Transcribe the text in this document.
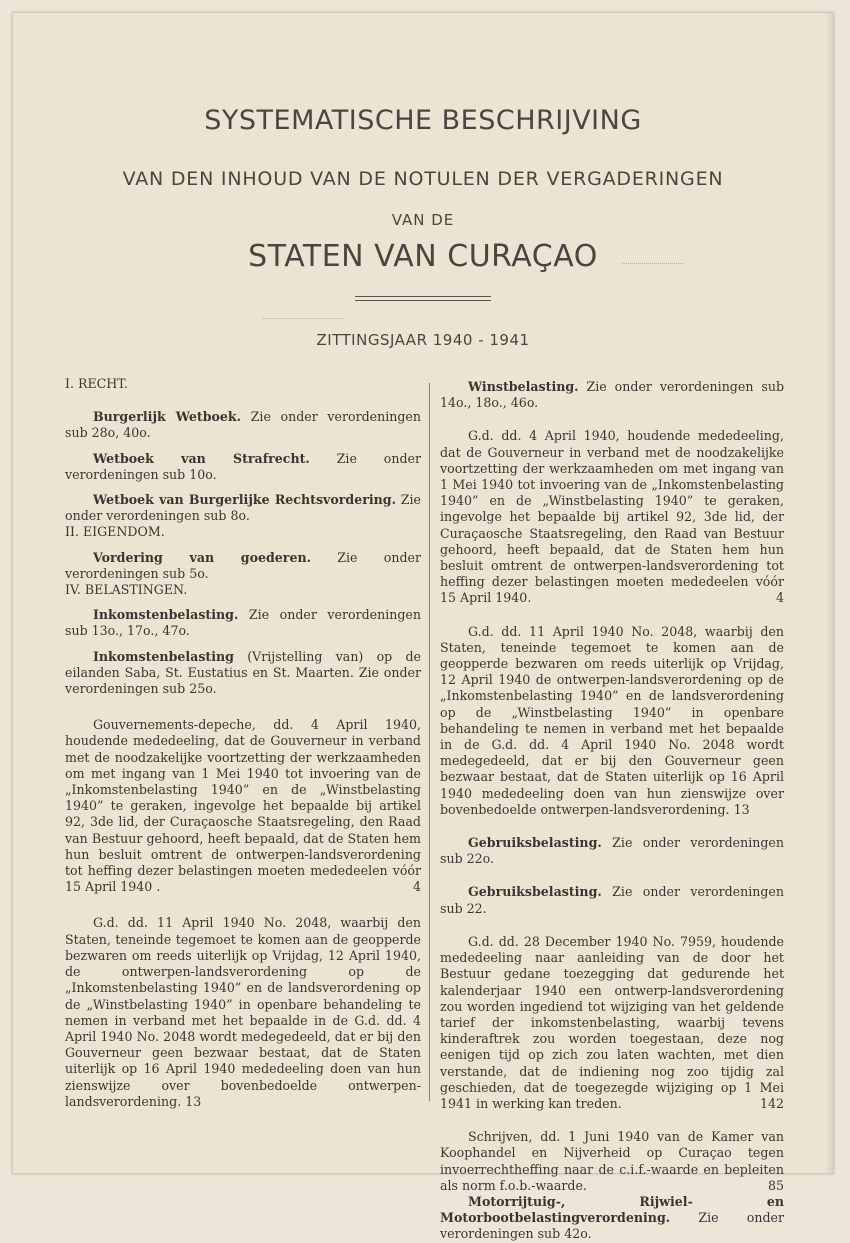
SYSTEMATISCHE BESCHRIJVING
VAN DEN INHOUD VAN DE NOTULEN DER VERGADERINGEN
VAN DE
STATEN VAN CURAÇAO
ZITTINGSJAAR 1940 - 1941

I. RECHT.

Burgerlijk Wetboek. Zie onder verordeningen sub 28o, 40o.

Wetboek van Strafrecht. Zie onder verordeningen sub 10o.

Wetboek van Burgerlijke Rechtsvordering. Zie onder verordeningen sub 8o.

II. EIGENDOM.

Vordering van goederen. Zie onder verordeningen sub 5o.

IV. BELASTINGEN.

Inkomstenbelasting. Zie onder verordeningen sub 13o., 17o., 47o.

Inkomstenbelasting (Vrijstelling van) op de eilanden Saba, St. Eustatius en St. Maarten. Zie onder verordeningen sub 25o.

Gouvernements-depeche, dd. 4 April 1940, houdende mededeeling, dat de Gouverneur in verband met de noodzakelijke voortzetting der werkzaamheden om met ingang van 1 Mei 1940 tot invoering van de „Inkomstenbelasting 1940” en de „Winstbelasting 1940” te geraken, ingevolge het bepaalde bij artikel 92, 3de lid, der Curaçaosche Staatsregeling, den Raad van Bestuur gehoord, heeft bepaald, dat de Staten hem hun besluit omtrent de ontwerpen-landsverordening tot heffing dezer belastingen moeten mededeelen vóór 15 April 1940 .	4

G.d. dd. 11 April 1940 No. 2048, waarbij den Staten, teneinde tegemoet te komen aan de geopperde bezwaren om reeds uiterlijk op Vrijdag, 12 April 1940, de ontwerpen-landsverordening op de „Inkomstenbelasting 1940” en de landsverordening op de „Winstbelasting 1940” in openbare behandeling te nemen in verband met het bepaalde in de G.d. dd. 4 April 1940 No. 2048 wordt medegedeeld, dat er bij den Gouverneur geen bezwaar bestaat, dat de Staten uiterlijk op 16 April 1940 mededeeling doen van hun zienswijze over bovenbedoelde ontwerpen-landsverordening. 13

Winstbelasting. Zie onder verordeningen sub 14o., 18o., 46o.

G.d. dd. 4 April 1940, houdende mededeeling, dat de Gouverneur in verband met de noodzakelijke voortzetting der werkzaamheden om met ingang van 1 Mei 1940 tot invoering van de „Inkomstenbelasting 1940” en de „Winstbelasting 1940” te geraken, ingevolge het bepaalde bij artikel 92, 3de lid, der Curaçaosche Staatsregeling, den Raad van Bestuur gehoord, heeft bepaald, dat de Staten hem hun besluit omtrent de ontwerpen-landsverordening tot heffing dezer belastingen moeten mededeelen vóór 15 April 1940.	4

G.d. dd. 11 April 1940 No. 2048, waarbij den Staten, teneinde tegemoet te komen aan de geopperde bezwaren om reeds uiterlijk op Vrijdag, 12 April 1940 de ontwerpen-landsverordening op de „Inkomstenbelasting 1940” en de landsverordening op de „Winstbelasting 1940” in openbare behandeling te nemen in verband met het bepaalde in de G.d. dd. 4 April 1940 No. 2048 wordt medegedeeld, dat er bij den Gouverneur geen bezwaar bestaat, dat de Staten uiterlijk op 16 April 1940 mededeeling doen van hun zienswijze over bovenbedoelde ontwerpen-landsverordening. 13

Gebruiksbelasting. Zie onder verordeningen sub 22o.

Gebruiksbelasting. Zie onder verordeningen sub 22.

G.d. dd. 28 December 1940 No. 7959, houdende mededeeling naar aanleiding van de door het Bestuur gedane toezegging dat gedurende het kalenderjaar 1940 een ontwerp-landsverordening zou worden ingediend tot wijziging van het geldende tarief der inkomstenbelasting, waarbij tevens kinderaftrek zou worden toegestaan, deze nog eenigen tijd op zich zou laten wachten, met dien verstande, dat de indiening nog zoo tijdig zal geschieden, dat de toegezegde wijziging op 1 Mei 1941 in werking kan treden.	142

Schrijven, dd. 1 Juni 1940 van de Kamer van Koophandel en Nijverheid op Curaçao tegen invoerrechtheffing naar de c.i.f.-waarde en bepleiten als norm f.o.b.-waarde.	85

Motorrijtuig-, Rijwiel- en Motorbootbelastingverordening. Zie onder verordeningen sub 42o.
